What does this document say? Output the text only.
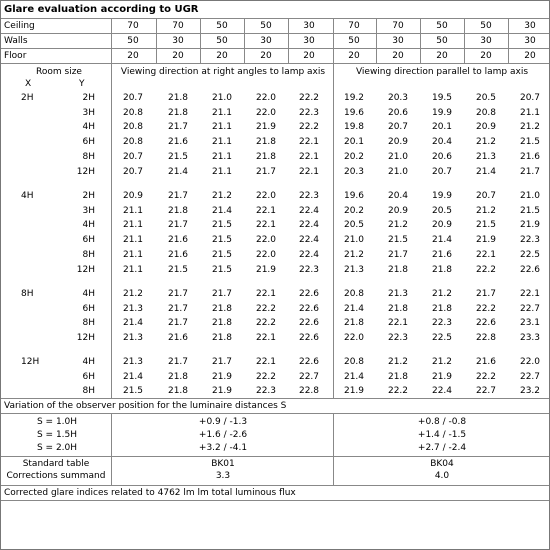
Glare evaluation according to UGR
Ceiling	70	70	50	50	30	70	70	50	50	30
Walls	50	30	50	30	30	50	30	50	30	30
Floor	20	20	20	20	20	20	20	20	20	20
Room size
X	Y
Viewing direction at right angles to lamp axis	Viewing direction parallel to lamp axis
2H	2H	20.7	21.8	21.0	22.0	22.2	19.2	20.3	19.5	20.5	20.7
3H	20.8	21.8	21.1	22.0	22.3	19.6	20.6	19.9	20.8	21.1
4H	20.8	21.7	21.1	21.9	22.2	19.8	20.7	20.1	20.9	21.2
6H	20.8	21.6	21.1	21.8	22.1	20.1	20.9	20.4	21.2	21.5
8H	20.7	21.5	21.1	21.8	22.1	20.2	21.0	20.6	21.3	21.6
12H	20.7	21.4	21.1	21.7	22.1	20.3	21.0	20.7	21.4	21.7
4H	2H	20.9	21.7	21.2	22.0	22.3	19.6	20.4	19.9	20.7	21.0
3H	21.1	21.8	21.4	22.1	22.4	20.2	20.9	20.5	21.2	21.5
4H	21.1	21.7	21.5	22.1	22.4	20.5	21.2	20.9	21.5	21.9
6H	21.1	21.6	21.5	22.0	22.4	21.0	21.5	21.4	21.9	22.3
8H	21.1	21.6	21.5	22.0	22.4	21.2	21.7	21.6	22.1	22.5
12H	21.1	21.5	21.5	21.9	22.3	21.3	21.8	21.8	22.2	22.6
8H	4H	21.2	21.7	21.7	22.1	22.6	20.8	21.3	21.2	21.7	22.1
6H	21.3	21.7	21.8	22.2	22.6	21.4	21.8	21.8	22.2	22.7
8H	21.4	21.7	21.8	22.2	22.6	21.8	22.1	22.3	22.6	23.1
12H	21.3	21.6	21.8	22.1	22.6	22.0	22.3	22.5	22.8	23.3
12H	4H	21.3	21.7	21.7	22.1	22.6	20.8	21.2	21.2	21.6	22.0
6H	21.4	21.8	21.9	22.2	22.7	21.4	21.8	21.9	22.2	22.7
8H	21.5	21.8	21.9	22.3	22.8	21.9	22.2	22.4	22.7	23.2
Variation of the observer position for the luminaire distances S
S = 1.0H	+0.9 / -1.3	+0.8 / -0.8
S = 1.5H	+1.6 / -2.6	+1.4 / -1.5
S = 2.0H	+3.2 / -4.1	+2.7 / -2.4
Standard table	BK01	BK04
Corrections summand	3.3	4.0
Corrected glare indices related to 4762 lm lm total luminous flux
